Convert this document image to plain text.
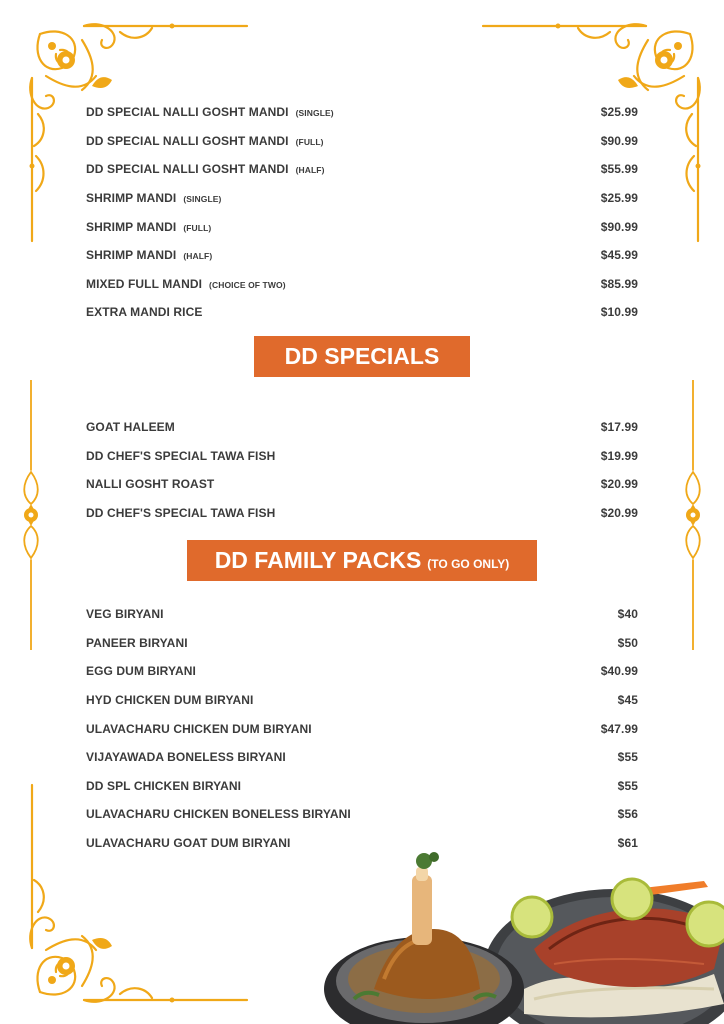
DD SPECIAL NALLI GOSHT MANDI (SINGLE)	$25.99
DD SPECIAL NALLI GOSHT MANDI (FULL)	$90.99
DD SPECIAL NALLI GOSHT MANDI (HALF)	$55.99
SHRIMP MANDI (SINGLE)	$25.99
SHRIMP MANDI (FULL)	$90.99
SHRIMP MANDI (HALF)	$45.99
MIXED FULL MANDI (CHOICE OF TWO)	$85.99
EXTRA MANDI RICE	$10.99
DD SPECIALS
GOAT HALEEM	$17.99
DD CHEF'S SPECIAL TAWA FISH	$19.99
NALLI GOSHT ROAST	$20.99
DD CHEF'S SPECIAL TAWA FISH	$20.99
DD FAMILY PACKS (TO GO ONLY)
VEG BIRYANI	$40
PANEER BIRYANI	$50
EGG DUM BIRYANI	$40.99
HYD CHICKEN DUM BIRYANI	$45
ULAVACHARU CHICKEN DUM BIRYANI	$47.99
VIJAYAWADA BONELESS BIRYANI	$55
DD SPL CHICKEN BIRYANI	$55
ULAVACHARU CHICKEN BONELESS BIRYANI	$56
ULAVACHARU GOAT DUM BIRYANI	$61
